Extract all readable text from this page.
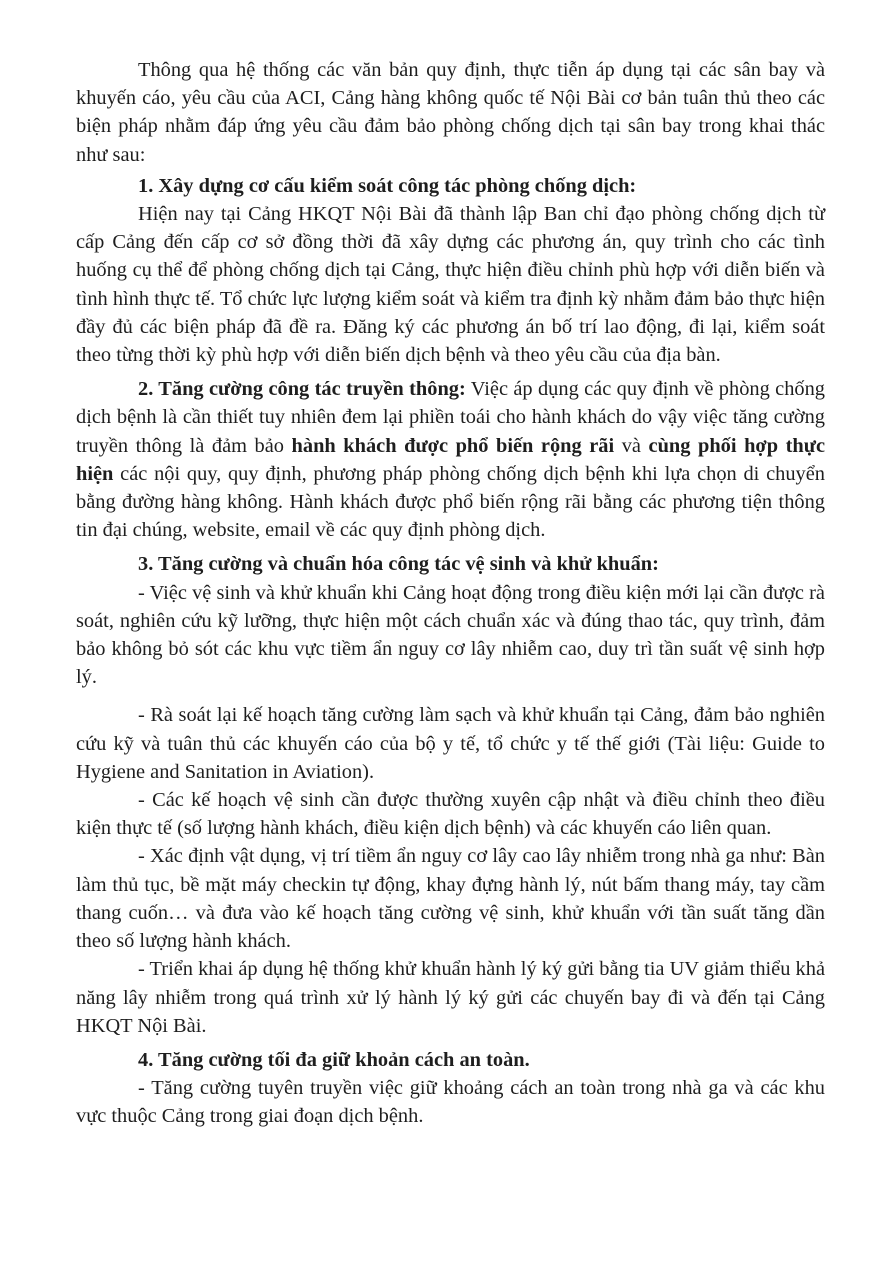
Thông qua hệ thống các văn bản quy định, thực tiễn áp dụng tại các sân bay và khuyến cáo, yêu cầu của ACI, Cảng hàng không quốc tế Nội Bài cơ bản tuân thủ theo các biện pháp nhằm đáp ứng yêu cầu đảm bảo phòng chống dịch tại sân bay trong khai thác như sau:

1. Xây dựng cơ cấu kiểm soát công tác phòng chống dịch:

Hiện nay tại Cảng HKQT Nội Bài đã thành lập Ban chỉ đạo phòng chống dịch từ cấp Cảng đến cấp cơ sở đồng thời đã xây dựng các phương án, quy trình cho các tình huống cụ thể để phòng chống dịch tại Cảng, thực hiện điều chỉnh phù hợp với diễn biến và tình hình thực tế. Tổ chức lực lượng kiểm soát và kiểm tra định kỳ nhằm đảm bảo thực hiện đầy đủ các biện pháp đã đề ra. Đăng ký các phương án bố trí lao động, đi lại, kiểm soát theo từng thời kỳ phù hợp với diễn biến dịch bệnh và theo yêu cầu của địa bàn.

2. Tăng cường công tác truyền thông: Việc áp dụng các quy định về phòng chống dịch bệnh là cần thiết tuy nhiên đem lại phiền toái cho hành khách do vậy việc tăng cường truyền thông là đảm bảo hành khách được phổ biến rộng rãi và cùng phối hợp thực hiện các nội quy, quy định, phương pháp phòng chống dịch bệnh khi lựa chọn di chuyển bằng đường hàng không. Hành khách được phổ biến rộng rãi bằng các phương tiện thông tin đại chúng, website, email về các quy định phòng dịch.

3. Tăng cường và chuẩn hóa công tác vệ sinh và khử khuẩn:

- Việc vệ sinh và khử khuẩn khi Cảng hoạt động trong điều kiện mới lại cần được rà soát, nghiên cứu kỹ lưỡng, thực hiện một cách chuẩn xác và đúng thao tác, quy trình, đảm bảo không bỏ sót các khu vực tiềm ẩn nguy cơ lây nhiễm cao, duy trì tần suất vệ sinh hợp lý.

- Rà soát lại kế hoạch tăng cường làm sạch và khử khuẩn tại Cảng, đảm bảo nghiên cứu kỹ và tuân thủ các khuyến cáo của bộ y tế, tổ chức y tế thế giới (Tài liệu: Guide to Hygiene and Sanitation in Aviation).

- Các kế hoạch vệ sinh cần được thường xuyên cập nhật và điều chỉnh theo điều kiện thực tế (số lượng hành khách, điều kiện dịch bệnh) và các khuyến cáo liên quan.

- Xác định vật dụng, vị trí tiềm ẩn nguy cơ lây cao lây nhiễm trong nhà ga như: Bàn làm thủ tục, bề mặt máy checkin tự động, khay đựng hành lý, nút bấm thang máy, tay cầm thang cuốn… và đưa vào kế hoạch tăng cường vệ sinh, khử khuẩn với tần suất tăng dần theo số lượng hành khách.

- Triển khai áp dụng hệ thống khử khuẩn hành lý ký gửi bằng tia UV giảm thiểu khả năng lây nhiễm trong quá trình xử lý hành lý ký gửi các chuyến bay đi và đến tại Cảng HKQT Nội Bài.

4. Tăng cường tối đa giữ khoản cách an toàn.

- Tăng cường tuyên truyền việc giữ khoảng cách an toàn trong nhà ga và các khu vực thuộc Cảng trong giai đoạn dịch bệnh.
